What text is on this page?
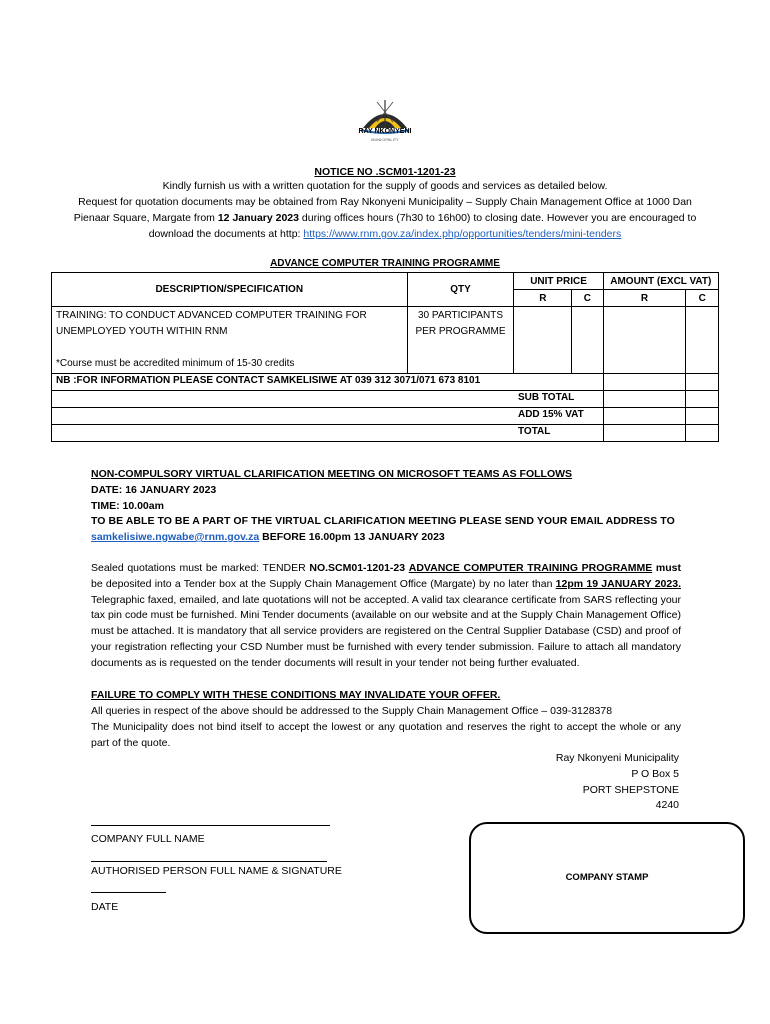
RAY NKONYENI
MUNICIPALITY
NOTICE NO .SCM01-1201-23
Kindly furnish us with a written quotation for the supply of goods and services as detailed below.
Request for quotation documents may be obtained from Ray Nkonyeni Municipality – Supply Chain Management Office at 1000 Dan
Pienaar Square, Margate from 12 January 2023 during offices hours (7h30 to 16h00) to closing date. However you are encouraged to
download the documents at http: https://www.rnm.gov.za/index.php/opportunities/tenders/mini-tenders
ADVANCE COMPUTER TRAINING PROGRAMME
DESCRIPTION/SPECIFICATION	QTY	UNIT PRICE		AMOUNT (EXCL VAT)	
		R	C	R	C

TRAINING: TO CONDUCT ADVANCED COMPUTER TRAINING FOR UNEMPLOYED YOUTH WITHIN RNM
*Course must be accredited minimum of 15-30 credits	30 PARTICIPANTS PER PROGRAMME				
NB :FOR INFORMATION PLEASE CONTACT SAMKELISIWE AT 039 312 3071/071 673 8101					
		SUB TOTAL			
		ADD 15% VAT			
		TOTAL			
NON-COMPULSORY VIRTUAL CLARIFICATION MEETING ON MICROSOFT TEAMS AS FOLLOWS
DATE: 16 JANUARY 2023
TIME: 10.00am
TO BE ABLE TO BE A PART OF THE VIRTUAL CLARIFICATION MEETING PLEASE SEND YOUR EMAIL ADDRESS TO
samkelisiwe.ngwabe@rnm.gov.za BEFORE 16.00pm 13 JANUARY 2023
Sealed quotations must be marked: TENDER NO.SCM01-1201-23 ADVANCE COMPUTER TRAINING PROGRAMME must be deposited into a Tender box at the Supply Chain Management Office (Margate) by no later than 12pm 19 JANUARY 2023. Telegraphic faxed, emailed, and late quotations will not be accepted. A valid tax clearance certificate from SARS reflecting your tax pin code must be furnished. Mini Tender documents (available on our website and at the Supply Chain Management Office) must be attached. It is mandatory that all service providers are registered on the Central Supplier Database (CSD) and proof of your registration reflecting your CSD Number must be furnished with every tender submission. Failure to attach all mandatory documents as is requested on the tender documents will result in your tender not being further evaluated.
FAILURE TO COMPLY WITH THESE CONDITIONS MAY INVALIDATE YOUR OFFER.
All queries in respect of the above should be addressed to the Supply Chain Management Office – 039-3128378
The Municipality does not bind itself to accept the lowest or any quotation and reserves the right to accept the whole or any part of the quote.
Ray Nkonyeni Municipality
P O Box 5
PORT SHEPSTONE
4240
COMPANY FULL NAME
AUTHORISED PERSON FULL NAME & SIGNATURE
DATE
COMPANY STAMP
